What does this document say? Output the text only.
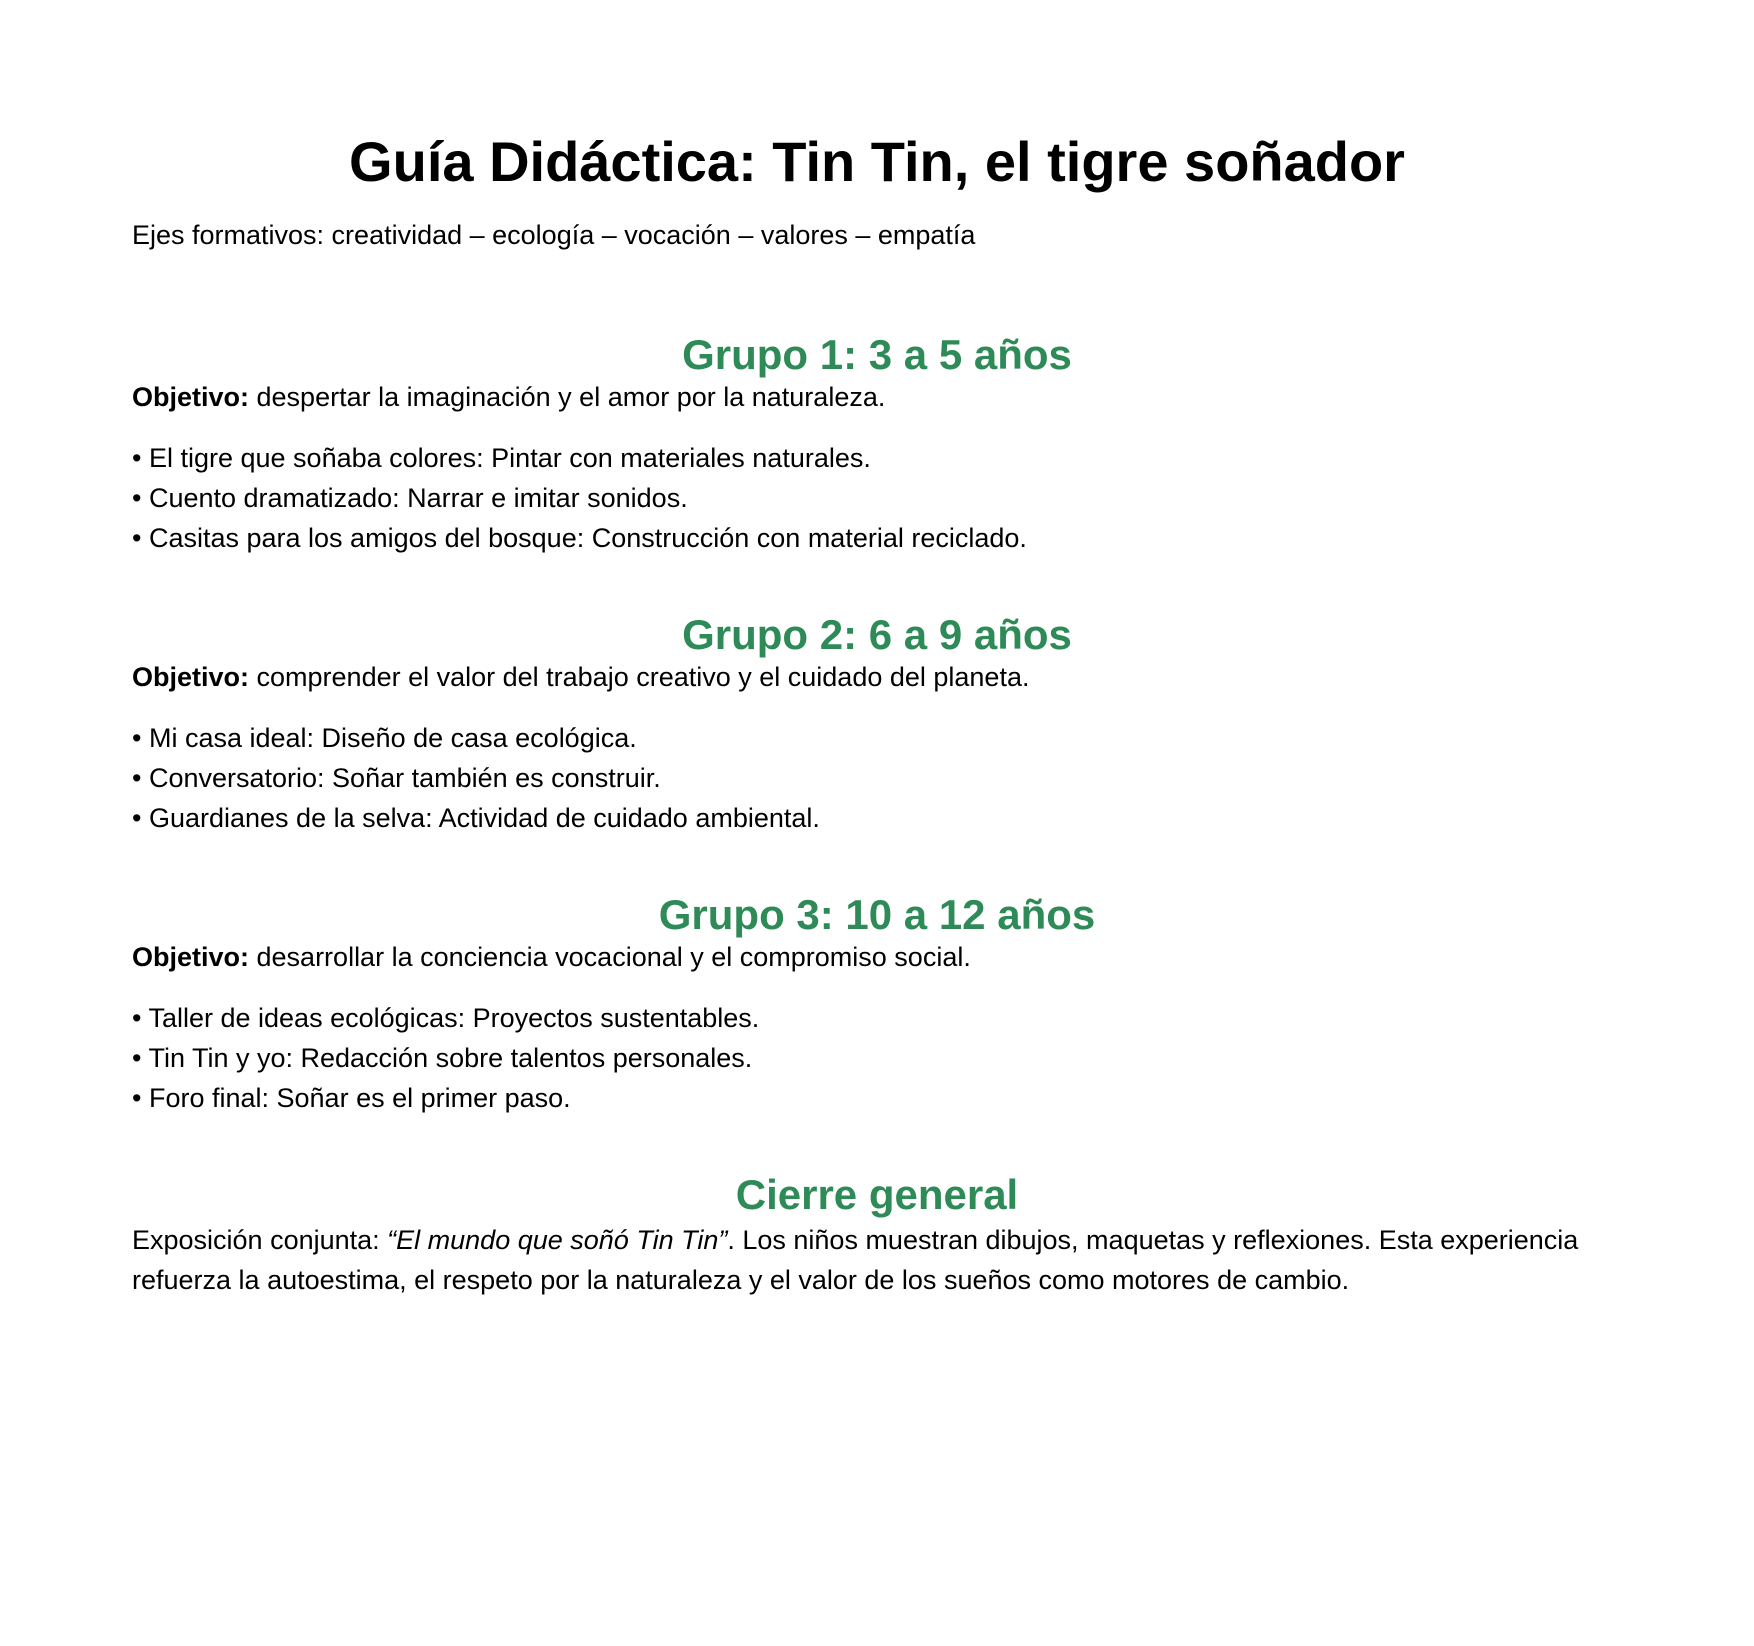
Guía Didáctica: Tin Tin, el tigre soñador

Ejes formativos: creatividad – ecología – vocación – valores – empatía

Grupo 1: 3 a 5 años

Objetivo: despertar la imaginación y el amor por la naturaleza.

• El tigre que soñaba colores: Pintar con materiales naturales.
• Cuento dramatizado: Narrar e imitar sonidos.
• Casitas para los amigos del bosque: Construcción con material reciclado.
Grupo 2: 6 a 9 años

Objetivo: comprender el valor del trabajo creativo y el cuidado del planeta.

• Mi casa ideal: Diseño de casa ecológica.
• Conversatorio: Soñar también es construir.
• Guardianes de la selva: Actividad de cuidado ambiental.
Grupo 3: 10 a 12 años

Objetivo: desarrollar la conciencia vocacional y el compromiso social.

• Taller de ideas ecológicas: Proyectos sustentables.
• Tin Tin y yo: Redacción sobre talentos personales.
• Foro final: Soñar es el primer paso.
Cierre general

Exposición conjunta: “El mundo que soñó Tin Tin”. Los niños muestran dibujos, maquetas y reflexiones. Esta experiencia refuerza la autoestima, el respeto por la naturaleza y el valor de los sueños como motores de cambio.
